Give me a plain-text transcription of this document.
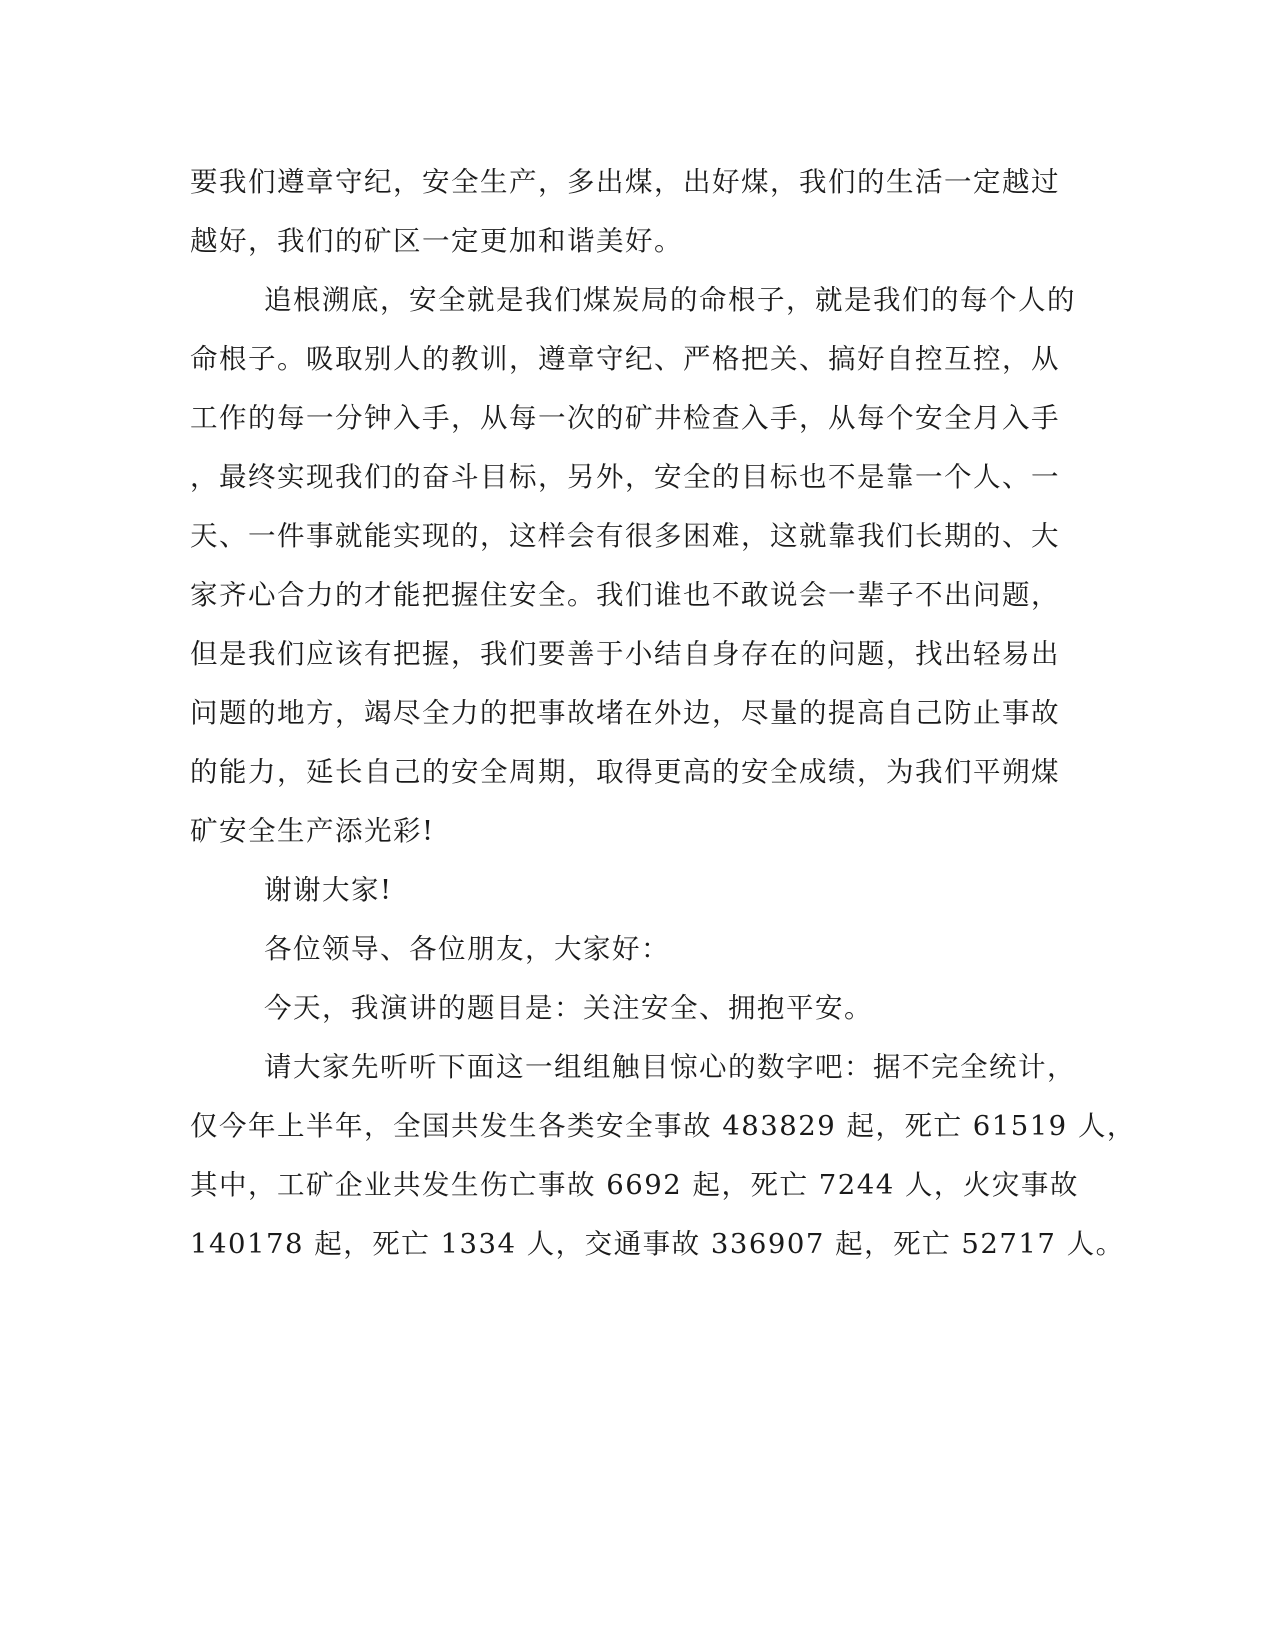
要我们遵章守纪，安全生产，多出煤，出好煤，我们的生活一定越过
越好，我们的矿区一定更加和谐美好。
追根溯底，安全就是我们煤炭局的命根子，就是我们的每个人的
命根子。吸取别人的教训，遵章守纪、严格把关、搞好自控互控，从
工作的每一分钟入手，从每一次的矿井检查入手，从每个安全月入手
，最终实现我们的奋斗目标，另外，安全的目标也不是靠一个人、一
天、一件事就能实现的，这样会有很多困难，这就靠我们长期的、大
家齐心合力的才能把握住安全。我们谁也不敢说会一辈子不出问题，
但是我们应该有把握，我们要善于小结自身存在的问题，找出轻易出
问题的地方，竭尽全力的把事故堵在外边，尽量的提高自己防止事故
的能力，延长自己的安全周期，取得更高的安全成绩，为我们平朔煤
矿安全生产添光彩!
谢谢大家!
各位领导、各位朋友，大家好：
今天，我演讲的题目是：关注安全、拥抱平安。
请大家先听听下面这一组组触目惊心的数字吧：据不完全统计，
仅今年上半年，全国共发生各类安全事故 483829 起，死亡 61519 人，
其中，工矿企业共发生伤亡事故 6692 起，死亡 7244 人，火灾事故
140178 起，死亡 1334 人，交通事故 336907 起，死亡 52717 人。
